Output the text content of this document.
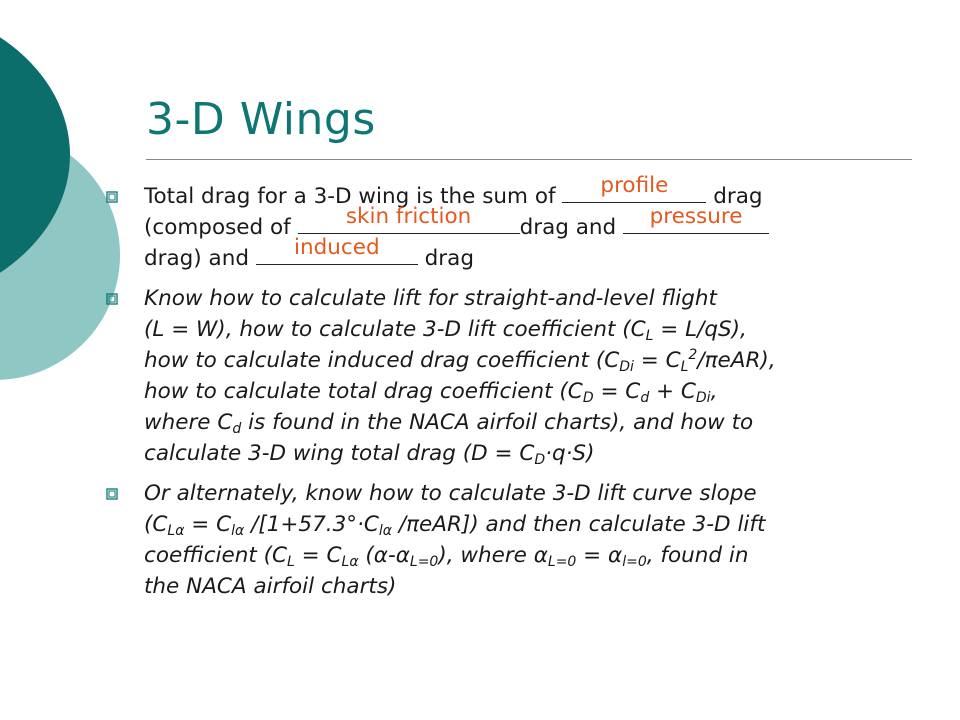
3-D Wings
Total drag for a 3-D wing is the sum of	profile	drag
(composed of	skin friction	drag and	pressure
drag) and	induced	drag
Know how to calculate lift for straight-and-level flight
(L = W), how to calculate 3-D lift coefficient $(C_L = L/qS)$,
how to calculate induced drag coefficient $(C_{Di} = C_L^2/\pi eAR)$,
how to calculate total drag coefficient ($C_D = C_d + C_{Di}$,
where $C_d$ is found in the NACA airfoil charts), and how to
calculate 3-D wing total drag $(D = C_D\cdot q\cdot S)$
Or alternately, know how to calculate 3-D lift curve slope
($C_{L\alpha} = C_{l\alpha}$ $/[1+57.3^\circ\cdot C_{l\alpha}$ /πeAR]) and then calculate 3-D lift
coefficient ($C_L = C_{L\alpha}$ $(\alpha-\alpha_{L=0})$, where $\alpha_{L=0} = \alpha_{l=0}$, found in
the NACA airfoil charts)
